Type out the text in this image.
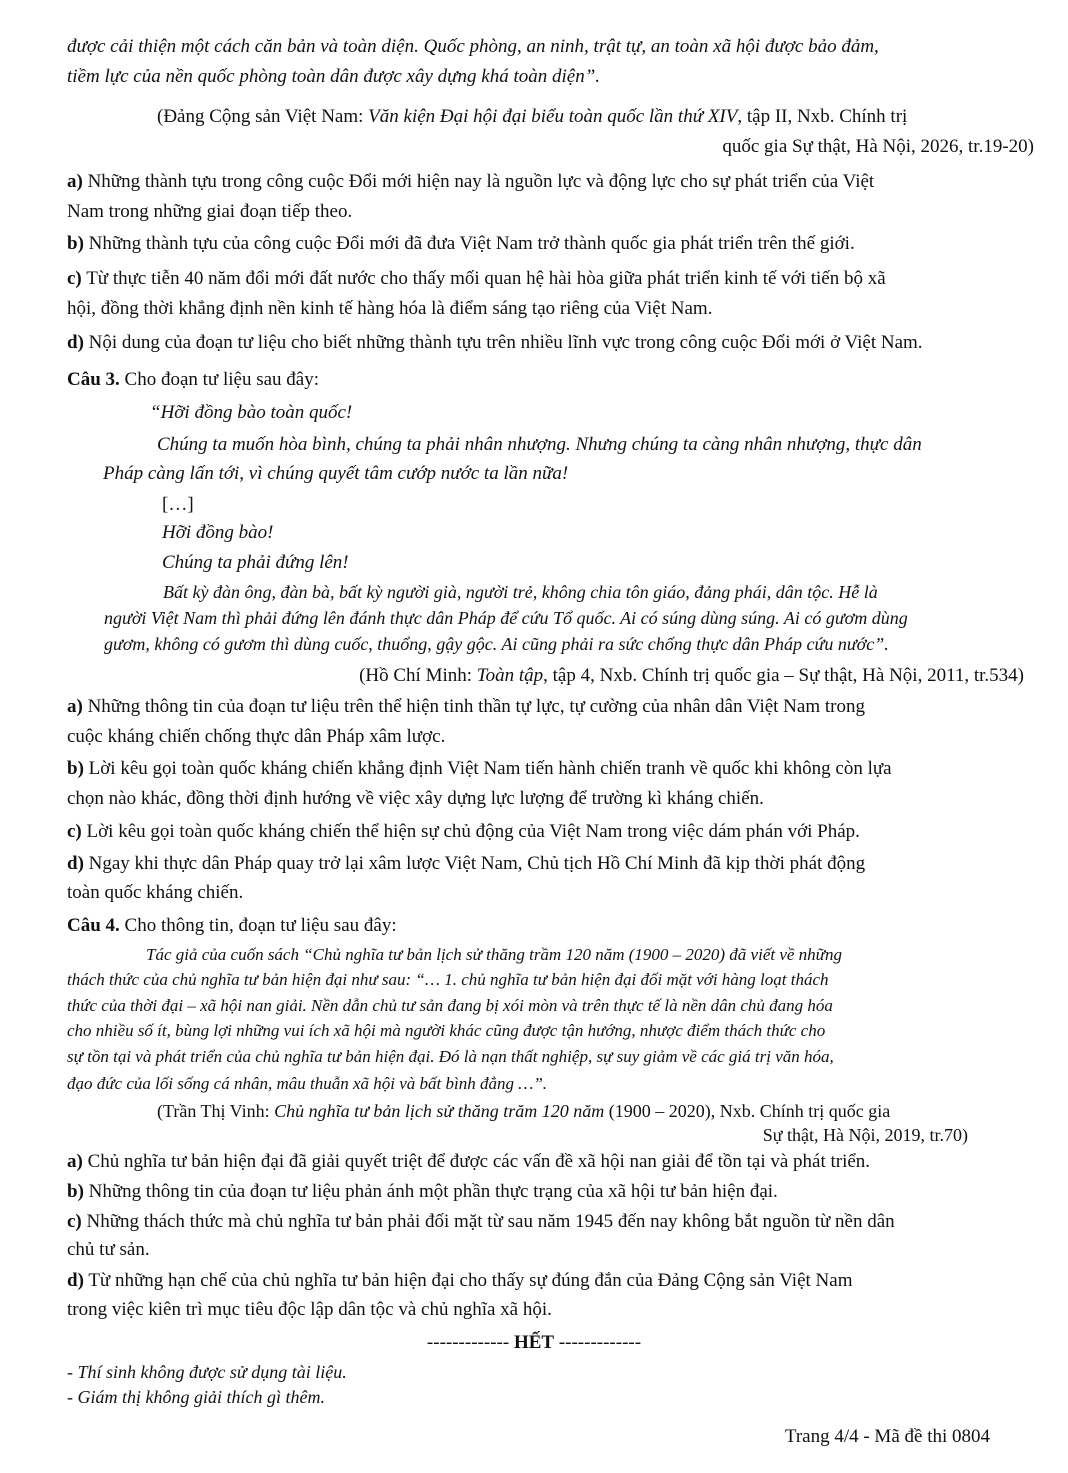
được cải thiện một cách căn bản và toàn diện. Quốc phòng, an ninh, trật tự, an toàn xã hội được bảo đảm,
tiềm lực của nền quốc phòng toàn dân được xây dựng khá toàn diện”.
(Đảng Cộng sản Việt Nam: Văn kiện Đại hội đại biểu toàn quốc lần thứ XIV, tập II, Nxb. Chính trị
quốc gia Sự thật, Hà Nội, 2026, tr.19-20)
a) Những thành tựu trong công cuộc Đổi mới hiện nay là nguồn lực và động lực cho sự phát triển của Việt
Nam trong những giai đoạn tiếp theo.
b) Những thành tựu của công cuộc Đổi mới đã đưa Việt Nam trở thành quốc gia phát triển trên thế giới.
c) Từ thực tiễn 40 năm đổi mới đất nước cho thấy mối quan hệ hài hòa giữa phát triển kinh tế với tiến bộ xã
hội, đồng thời khẳng định nền kinh tế hàng hóa là điểm sáng tạo riêng của Việt Nam.
d) Nội dung của đoạn tư liệu cho biết những thành tựu trên nhiều lĩnh vực trong công cuộc Đổi mới ở Việt Nam.
Câu 3. Cho đoạn tư liệu sau đây:
“Hỡi đồng bào toàn quốc!
Chúng ta muốn hòa bình, chúng ta phải nhân nhượng. Nhưng chúng ta càng nhân nhượng, thực dân
Pháp càng lấn tới, vì chúng quyết tâm cướp nước ta lần nữa!
[…]
Hỡi đồng bào!
Chúng ta phải đứng lên!
Bất kỳ đàn ông, đàn bà, bất kỳ người già, người trẻ, không chia tôn giáo, đảng phái, dân tộc. Hễ là
người Việt Nam thì phải đứng lên đánh thực dân Pháp để cứu Tổ quốc. Ai có súng dùng súng. Ai có gươm dùng
gươm, không có gươm thì dùng cuốc, thuổng, gậy gộc. Ai cũng phải ra sức chống thực dân Pháp cứu nước”.
(Hồ Chí Minh: Toàn tập, tập 4, Nxb. Chính trị quốc gia – Sự thật, Hà Nội, 2011, tr.534)
a) Những thông tin của đoạn tư liệu trên thể hiện tinh thần tự lực, tự cường của nhân dân Việt Nam trong
cuộc kháng chiến chống thực dân Pháp xâm lược.
b) Lời kêu gọi toàn quốc kháng chiến khẳng định Việt Nam tiến hành chiến tranh về quốc khi không còn lựa
chọn nào khác, đồng thời định hướng về việc xây dựng lực lượng để trường kì kháng chiến.
c) Lời kêu gọi toàn quốc kháng chiến thể hiện sự chủ động của Việt Nam trong việc dám phán với Pháp.
d) Ngay khi thực dân Pháp quay trở lại xâm lược Việt Nam, Chủ tịch Hồ Chí Minh đã kịp thời phát động
toàn quốc kháng chiến.
Câu 4. Cho thông tin, đoạn tư liệu sau đây:
Tác giả của cuốn sách “Chủ nghĩa tư bản lịch sử thăng trầm 120 năm (1900 – 2020) đã viết về những
thách thức của chủ nghĩa tư bản hiện đại như sau: “… 1. chủ nghĩa tư bản hiện đại đối mặt với hàng loạt thách
thức của thời đại – xã hội nan giải. Nền dẫn chủ tư sản đang bị xói mòn và trên thực tế là nền dân chủ đang hóa
cho nhiều số ít, bùng lợi những vui ích xã hội mà người khác cũng được tận hướng, nhược điểm thách thức cho
sự tồn tại và phát triển của chủ nghĩa tư bản hiện đại. Đó là nạn thất nghiệp, sự suy giảm về các giá trị văn hóa,
đạo đức của lối sống cá nhân, mâu thuẫn xã hội và bất bình đẳng …”.
(Trần Thị Vinh: Chủ nghĩa tư bản lịch sử thăng trăm 120 năm (1900 – 2020), Nxb. Chính trị quốc gia
Sự thật, Hà Nội, 2019, tr.70)
a) Chủ nghĩa tư bản hiện đại đã giải quyết triệt để được các vấn đề xã hội nan giải để tồn tại và phát triển.
b) Những thông tin của đoạn tư liệu phản ánh một phần thực trạng của xã hội tư bản hiện đại.
c) Những thách thức mà chủ nghĩa tư bản phải đối mặt từ sau năm 1945 đến nay không bắt nguồn từ nền dân
chủ tư sản.
d) Từ những hạn chế của chủ nghĩa tư bản hiện đại cho thấy sự đúng đắn của Đảng Cộng sản Việt Nam
trong việc kiên trì mục tiêu độc lập dân tộc và chủ nghĩa xã hội.
------------- HẾT -------------
- Thí sinh không được sử dụng tài liệu.
- Giám thị không giải thích gì thêm.
Trang 4/4 - Mã đề thi 0804
